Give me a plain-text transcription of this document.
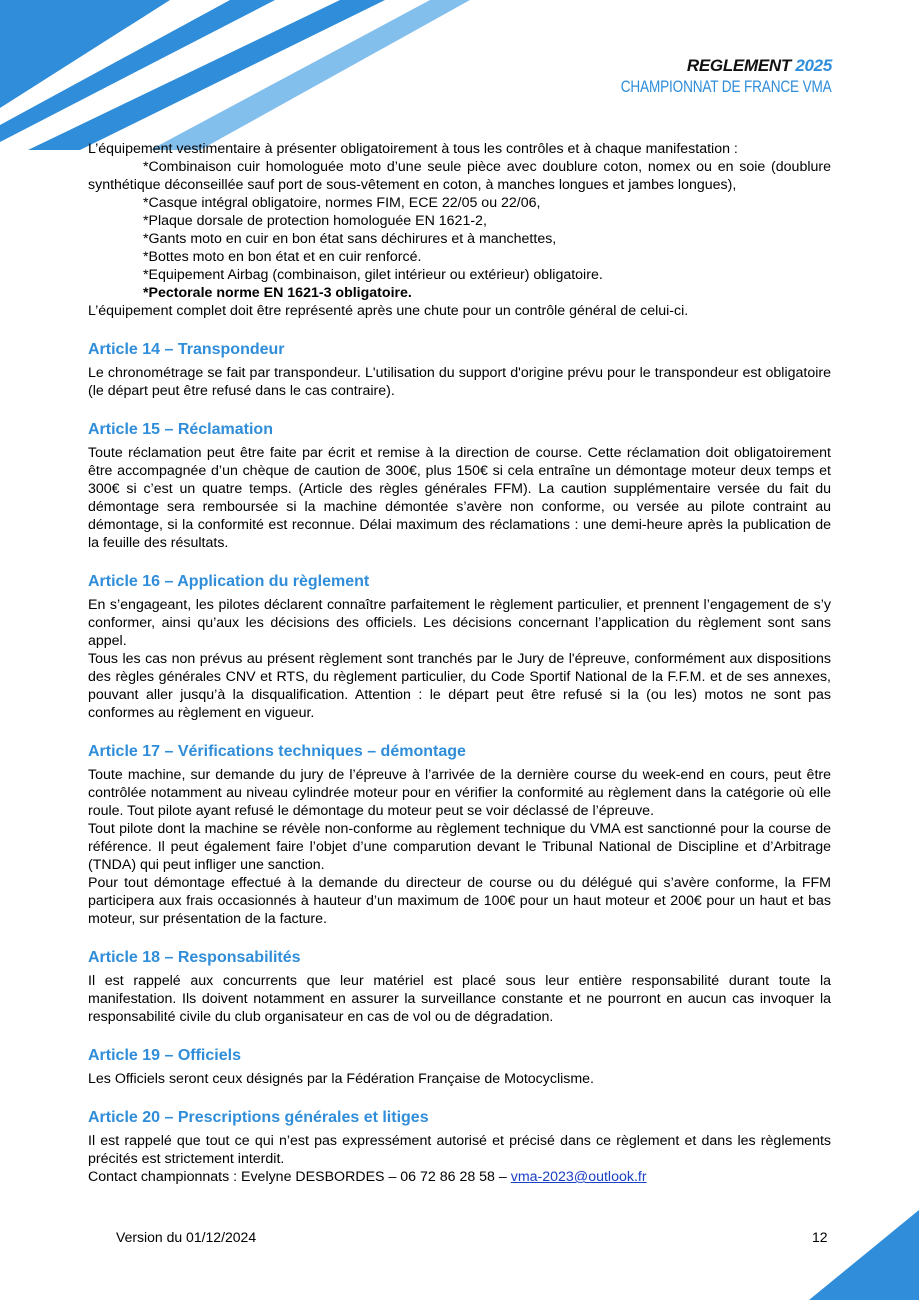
REGLEMENT 2025
CHAMPIONNAT DE FRANCE VMA

L’équipement vestimentaire à présenter obligatoirement à tous les contrôles et à chaque manifestation :

*Combinaison cuir homologuée moto d’une seule pièce avec doublure coton, nomex ou en soie (doublure synthétique déconseillée sauf port de sous-vêtement en coton, à manches longues et jambes longues),

*Casque intégral obligatoire, normes FIM, ECE 22/05 ou 22/06,

*Plaque dorsale de protection homologuée EN 1621-2,

*Gants moto en cuir en bon état sans déchirures et à manchettes,

*Bottes moto en bon état et en cuir renforcé.

*Equipement Airbag (combinaison, gilet intérieur ou extérieur) obligatoire.

*Pectorale norme EN 1621-3 obligatoire.

L’équipement complet doit être représenté après une chute pour un contrôle général de celui-ci.

Article 14 – Transpondeur

Le chronométrage se fait par transpondeur. L'utilisation du support d'origine prévu pour le transpondeur est obligatoire (le départ peut être refusé dans le cas contraire).

Article 15 – Réclamation

Toute réclamation peut être faite par écrit et remise à la direction de course. Cette réclamation doit obligatoirement être accompagnée d’un chèque de caution de 300€, plus 150€ si cela entraîne un démontage moteur deux temps et 300€ si c’est un quatre temps. (Article des règles générales FFM). La caution supplémentaire versée du fait du démontage sera remboursée si la machine démontée s’avère non conforme, ou versée au pilote contraint au démontage, si la conformité est reconnue. Délai maximum des réclamations : une demi-heure après la publication de la feuille des résultats.

Article 16 – Application du règlement

En s’engageant, les pilotes déclarent connaître parfaitement le règlement particulier, et prennent l’engagement de s’y conformer, ainsi qu’aux les décisions des officiels. Les décisions concernant l’application du règlement sont sans appel.

Tous les cas non prévus au présent règlement sont tranchés par le Jury de l'épreuve, conformément aux dispositions des règles générales CNV et RTS, du règlement particulier, du Code Sportif National de la F.F.M. et de ses annexes, pouvant aller jusqu’à la disqualification. Attention : le départ peut être refusé si la (ou les) motos ne sont pas conformes au règlement en vigueur.

Article 17 – Vérifications techniques – démontage

Toute machine, sur demande du jury de l’épreuve à l’arrivée de la dernière course du week-end en cours, peut être contrôlée notamment au niveau cylindrée moteur pour en vérifier la conformité au règlement dans la catégorie où elle roule. Tout pilote ayant refusé le démontage du moteur peut se voir déclassé de l’épreuve.

Tout pilote dont la machine se révèle non-conforme au règlement technique du VMA est sanctionné pour la course de référence. Il peut également faire l’objet d’une comparution devant le Tribunal National de Discipline et d’Arbitrage (TNDA) qui peut infliger une sanction.

Pour tout démontage effectué à la demande du directeur de course ou du délégué qui s’avère conforme, la FFM participera aux frais occasionnés à hauteur d’un maximum de 100€ pour un haut moteur et 200€ pour un haut et bas moteur, sur présentation de la facture.

Article 18 – Responsabilités

Il est rappelé aux concurrents que leur matériel est placé sous leur entière responsabilité durant toute la manifestation. Ils doivent notamment en assurer la surveillance constante et ne pourront en aucun cas invoquer la responsabilité civile du club organisateur en cas de vol ou de dégradation.

Article 19 – Officiels

Les Officiels seront ceux désignés par la Fédération Française de Motocyclisme.

Article 20 – Prescriptions générales et litiges

Il est rappelé que tout ce qui n’est pas expressément autorisé et précisé dans ce règlement et dans les règlements précités est strictement interdit.

Contact championnats : Evelyne DESBORDES – 06 72 86 28 58 – vma-2023@outlook.fr

Version du 01/12/2024	12
